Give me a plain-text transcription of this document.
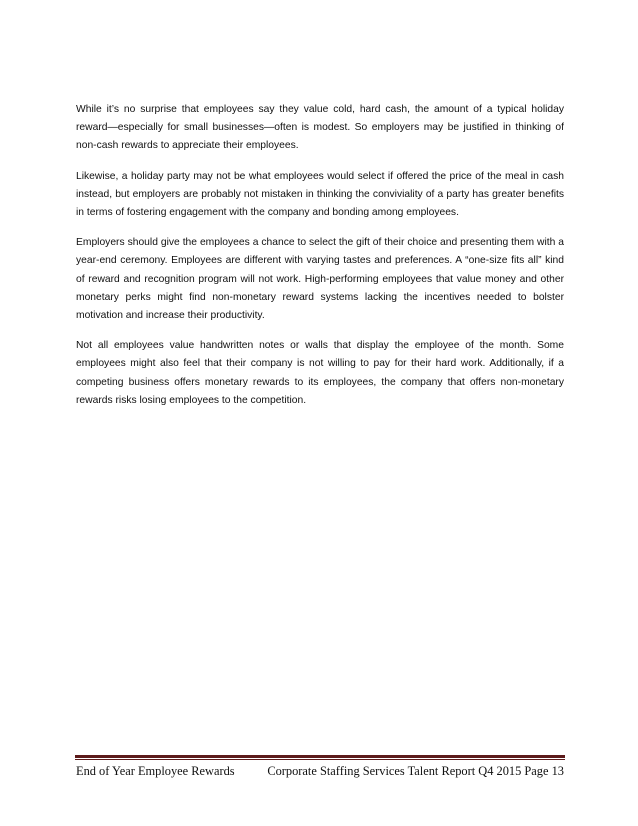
While it’s no surprise that employees say they value cold, hard cash, the amount of a typical holiday reward—especially for small businesses—often is modest. So employers may be justified in thinking of non-cash rewards to appreciate their employees.

Likewise, a holiday party may not be what employees would select if offered the price of the meal in cash instead, but employers are probably not mistaken in thinking the conviviality of a party has greater benefits in terms of fostering engagement with the company and bonding among employees.

Employers should give the employees a chance to select the gift of their choice and presenting them with a year-end ceremony. Employees are different with varying tastes and preferences. A “one-size fits all” kind of reward and recognition program will not work. High-performing employees that value money and other monetary perks might find non-monetary reward systems lacking the incentives needed to bolster motivation and increase their productivity.

Not all employees value handwritten notes or walls that display the employee of the month. Some employees might also feel that their company is not willing to pay for their hard work. Additionally, if a competing business offers monetary rewards to its employees, the company that offers non-monetary rewards risks losing employees to the competition.

End of Year Employee Rewards	Corporate Staffing Services Talent Report Q4 2015 Page 13
